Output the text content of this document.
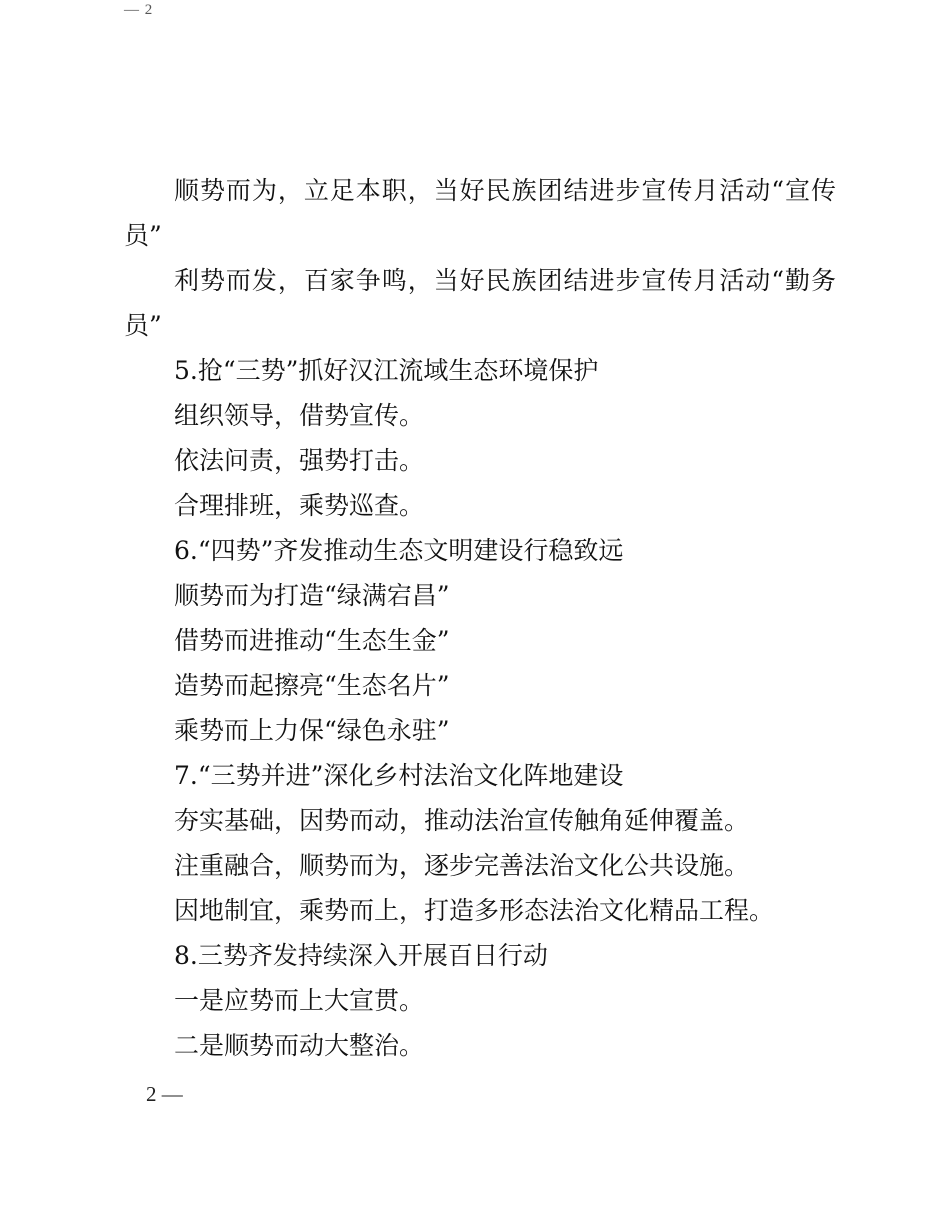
— 2

顺势而为，立足本职，当好民族团结进步宣传月活动“宣传员”

利势而发，百家争鸣，当好民族团结进步宣传月活动“勤务员”

5.抢“三势”抓好汉江流域生态环境保护

组织领导，借势宣传。

依法问责，强势打击。

合理排班，乘势巡查。

6.“四势”齐发推动生态文明建设行稳致远

顺势而为打造“绿满宕昌”

借势而进推动“生态生金”

造势而起擦亮“生态名片”

乘势而上力保“绿色永驻”

7.“三势并进”深化乡村法治文化阵地建设

夯实基础，因势而动，推动法治宣传触角延伸覆盖。

注重融合，顺势而为，逐步完善法治文化公共设施。

因地制宜，乘势而上，打造多形态法治文化精品工程。

8.三势齐发持续深入开展百日行动

一是应势而上大宣贯。

二是顺势而动大整治。

2 —
